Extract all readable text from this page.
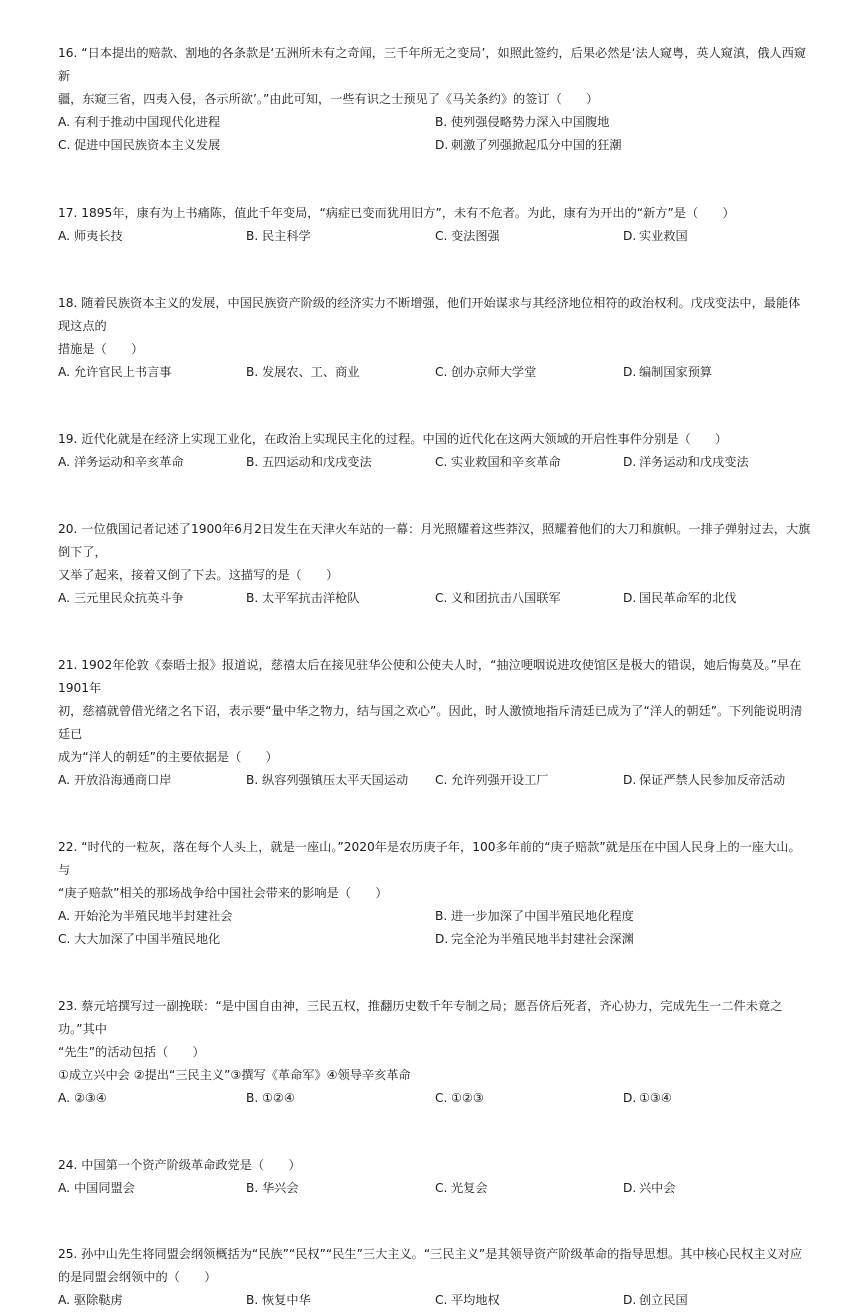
16. “日本提出的赔款、割地的各条款是‘五洲所未有之奇闻，三千年所无之变局’，如照此签约，后果必然是‘法人窥粤，英人窥滇，俄人西窥新

疆，东窥三省，四夷入侵，各示所欲’。”由此可知，一些有识之士预见了《马关条约》的签订（　　）

A. 有利于推动中国现代化进程	B. 使列强侵略势力深入中国腹地
C. 促进中国民族资本主义发展	D. 刺激了列强掀起瓜分中国的狂潮

17. 1895年，康有为上书痛陈，值此千年变局，“病症已变而犹用旧方”，未有不危者。为此，康有为开出的“新方”是（　　）

A. 师夷长技	B. 民主科学	C. 变法图强	D. 实业救国

18. 随着民族资本主义的发展，中国民族资产阶级的经济实力不断增强，他们开始谋求与其经济地位相符的政治权利。戊戌变法中，最能体现这点的

措施是（　　）

A. 允许官民上书言事	B. 发展农、工、商业	C. 创办京师大学堂	D. 编制国家预算

19. 近代化就是在经济上实现工业化，在政治上实现民主化的过程。中国的近代化在这两大领域的开启性事件分别是（　　）

A. 洋务运动和辛亥革命	B. 五四运动和戊戌变法	C. 实业救国和辛亥革命	D. 洋务运动和戊戌变法

20. 一位俄国记者记述了1900年6月2日发生在天津火车站的一幕：月光照耀着这些莽汉，照耀着他们的大刀和旗帜。一排子弹射过去，大旗倒下了，

又举了起来，接着又倒了下去。这描写的是（　　）

A. 三元里民众抗英斗争	B. 太平军抗击洋枪队	C. 义和团抗击八国联军	D. 国民革命军的北伐

21. 1902年伦敦《泰晤士报》报道说，慈禧太后在接见驻华公使和公使夫人时，“抽泣哽咽说进攻使馆区是极大的错误，她后悔莫及。”早在1901年

初，慈禧就曾借光绪之名下诏，表示要“量中华之物力，结与国之欢心”。因此，时人激愤地指斥清廷已成为了“洋人的朝廷”。下列能说明清廷已

成为“洋人的朝廷”的主要依据是（　　）

A. 开放沿海通商口岸	B. 纵容列强镇压太平天国运动	C. 允许列强开设工厂	D. 保证严禁人民参加反帝活动

22. “时代的一粒灰，落在每个人头上，就是一座山。”2020年是农历庚子年，100多年前的“庚子赔款”就是压在中国人民身上的一座大山。与

“庚子赔款”相关的那场战争给中国社会带来的影响是（　　）

A. 开始沦为半殖民地半封建社会	B. 进一步加深了中国半殖民地化程度
C. 大大加深了中国半殖民地化	D. 完全沦为半殖民地半封建社会深渊

23. 蔡元培撰写过一副挽联：“是中国自由神，三民五权，推翻历史数千年专制之局；愿吾侪后死者，齐心协力，完成先生一二件未竟之功。”其中

“先生”的活动包括（　　）

①成立兴中会 ②提出“三民主义”③撰写《革命军》④领导辛亥革命

A. ②③④	B. ①②④	C. ①②③	D. ①③④

24. 中国第一个资产阶级革命政党是（　　）

A. 中国同盟会	B. 华兴会	C. 光复会	D. 兴中会

25. 孙中山先生将同盟会纲领概括为“民族”“民权”“民生”三大主义。“三民主义”是其领导资产阶级革命的指导思想。其中核心民权主义对应

的是同盟会纲领中的（　　）

A. 驱除鞑虏	B. 恢复中华	C. 平均地权	D. 创立民国
